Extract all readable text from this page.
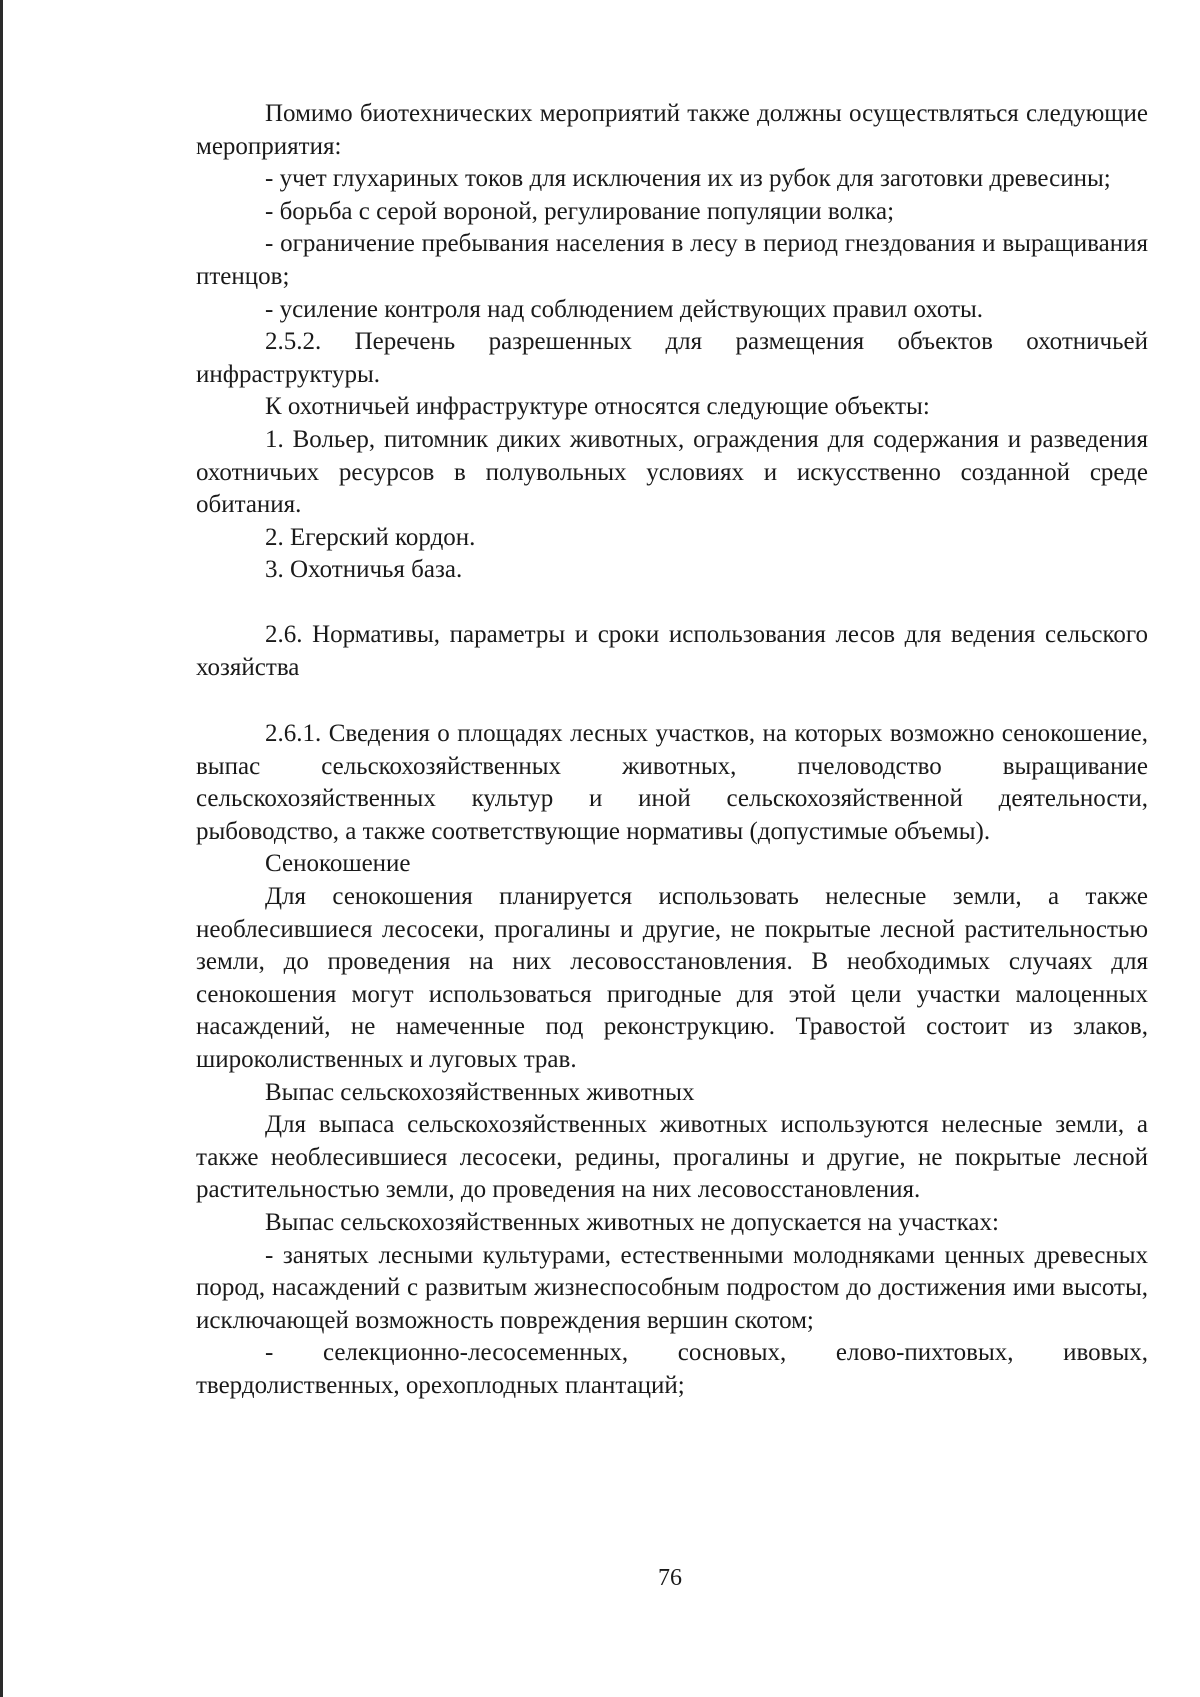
Помимо биотехнических мероприятий также должны осуществляться следующие мероприятия:

- учет глухариных токов для исключения их из рубок для заготовки древесины;

- борьба с серой вороной, регулирование популяции волка;

- ограничение пребывания населения в лесу в период гнездования и выращивания птенцов;

- усиление контроля над соблюдением действующих правил охоты.

2.5.2. Перечень разрешенных для размещения объектов охотничьей инфраструктуры.

К охотничьей инфраструктуре относятся следующие объекты:

1. Вольер, питомник диких животных, ограждения для содержания и разведения охотничьих ресурсов в полувольных условиях и искусственно созданной среде обитания.

2. Егерский кордон.

3. Охотничья база.

2.6. Нормативы, параметры и сроки использования лесов для ведения сельского хозяйства

2.6.1. Сведения о площадях лесных участков, на которых возможно сенокошение, выпас сельскохозяйственных животных, пчеловодство выращивание сельскохозяйственных культур и иной сельскохозяйственной деятельности, рыбоводство, а также соответствующие нормативы (допустимые объемы).

Сенокошение

Для сенокошения планируется использовать нелесные земли, а также необлесившиеся лесосеки, прогалины и другие, не покрытые лесной растительностью земли, до проведения на них лесовосстановления. В необходимых случаях для сенокошения могут использоваться пригодные для этой цели участки малоценных насаждений, не намеченные под реконструкцию. Травостой состоит из злаков, широколиственных и луговых трав.

Выпас сельскохозяйственных животных

Для выпаса сельскохозяйственных животных используются нелесные земли, а также необлесившиеся лесосеки, редины, прогалины и другие, не покрытые лесной растительностью земли, до проведения на них лесовосстановления.

Выпас сельскохозяйственных животных не допускается на участках:

- занятых лесными культурами, естественными молодняками ценных древесных пород, насаждений с развитым жизнеспособным подростом до достижения ими высоты, исключающей возможность повреждения вершин скотом;

- селекционно-лесосеменных, сосновых, елово-пихтовых, ивовых, твердолиственных, орехоплодных плантаций;

76
